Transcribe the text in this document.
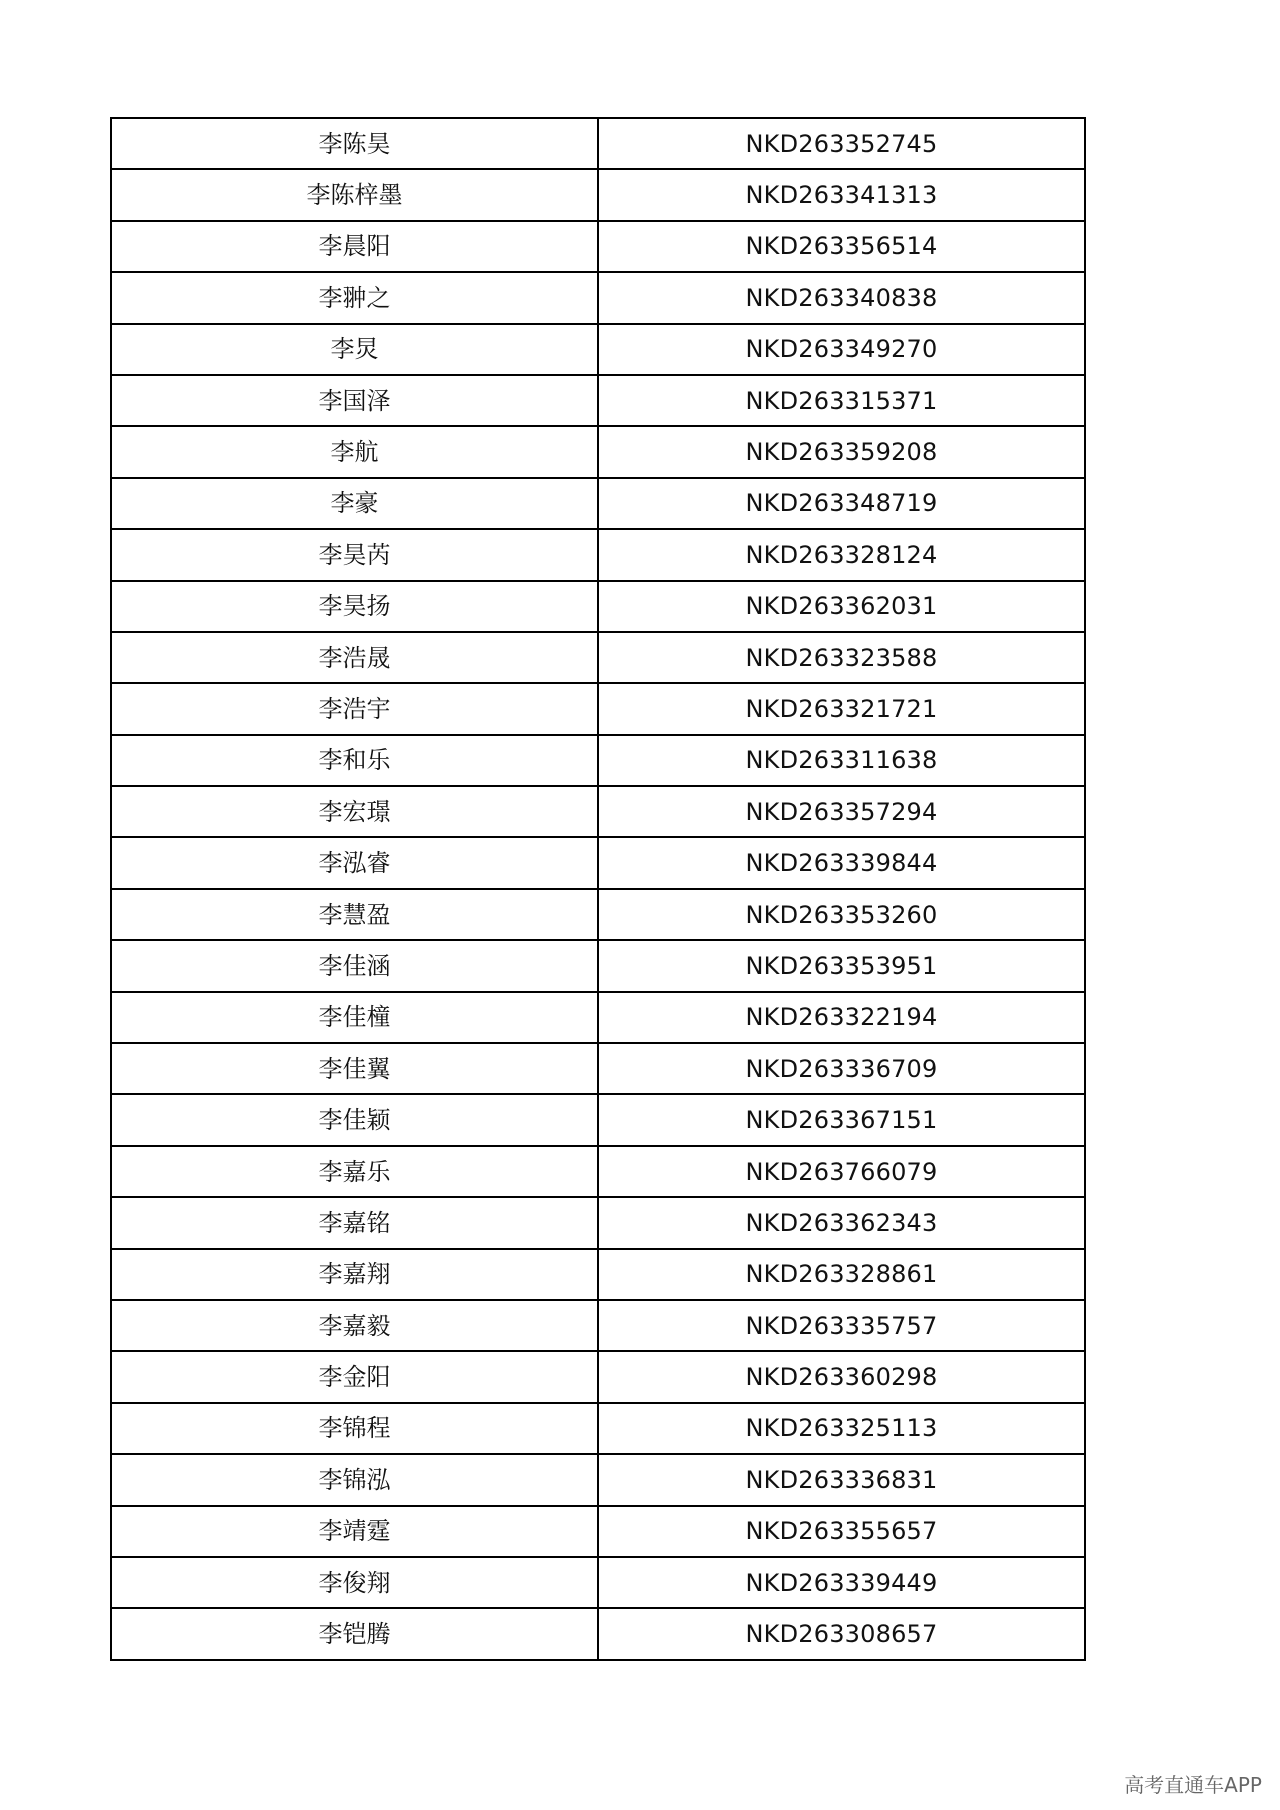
李陈昊	NKD263352745
李陈梓墨	NKD263341313
李晨阳	NKD263356514
李翀之	NKD263340838
李炅	NKD263349270
李国泽	NKD263315371
李航	NKD263359208
李豪	NKD263348719
李昊芮	NKD263328124
李昊扬	NKD263362031
李浩晟	NKD263323588
李浩宇	NKD263321721
李和乐	NKD263311638
李宏璟	NKD263357294
李泓睿	NKD263339844
李慧盈	NKD263353260
李佳涵	NKD263353951
李佳橦	NKD263322194
李佳翼	NKD263336709
李佳颖	NKD263367151
李嘉乐	NKD263766079
李嘉铭	NKD263362343
李嘉翔	NKD263328861
李嘉毅	NKD263335757
李金阳	NKD263360298
李锦程	NKD263325113
李锦泓	NKD263336831
李靖霆	NKD263355657
李俊翔	NKD263339449
李铠腾	NKD263308657
高考直通车APP
